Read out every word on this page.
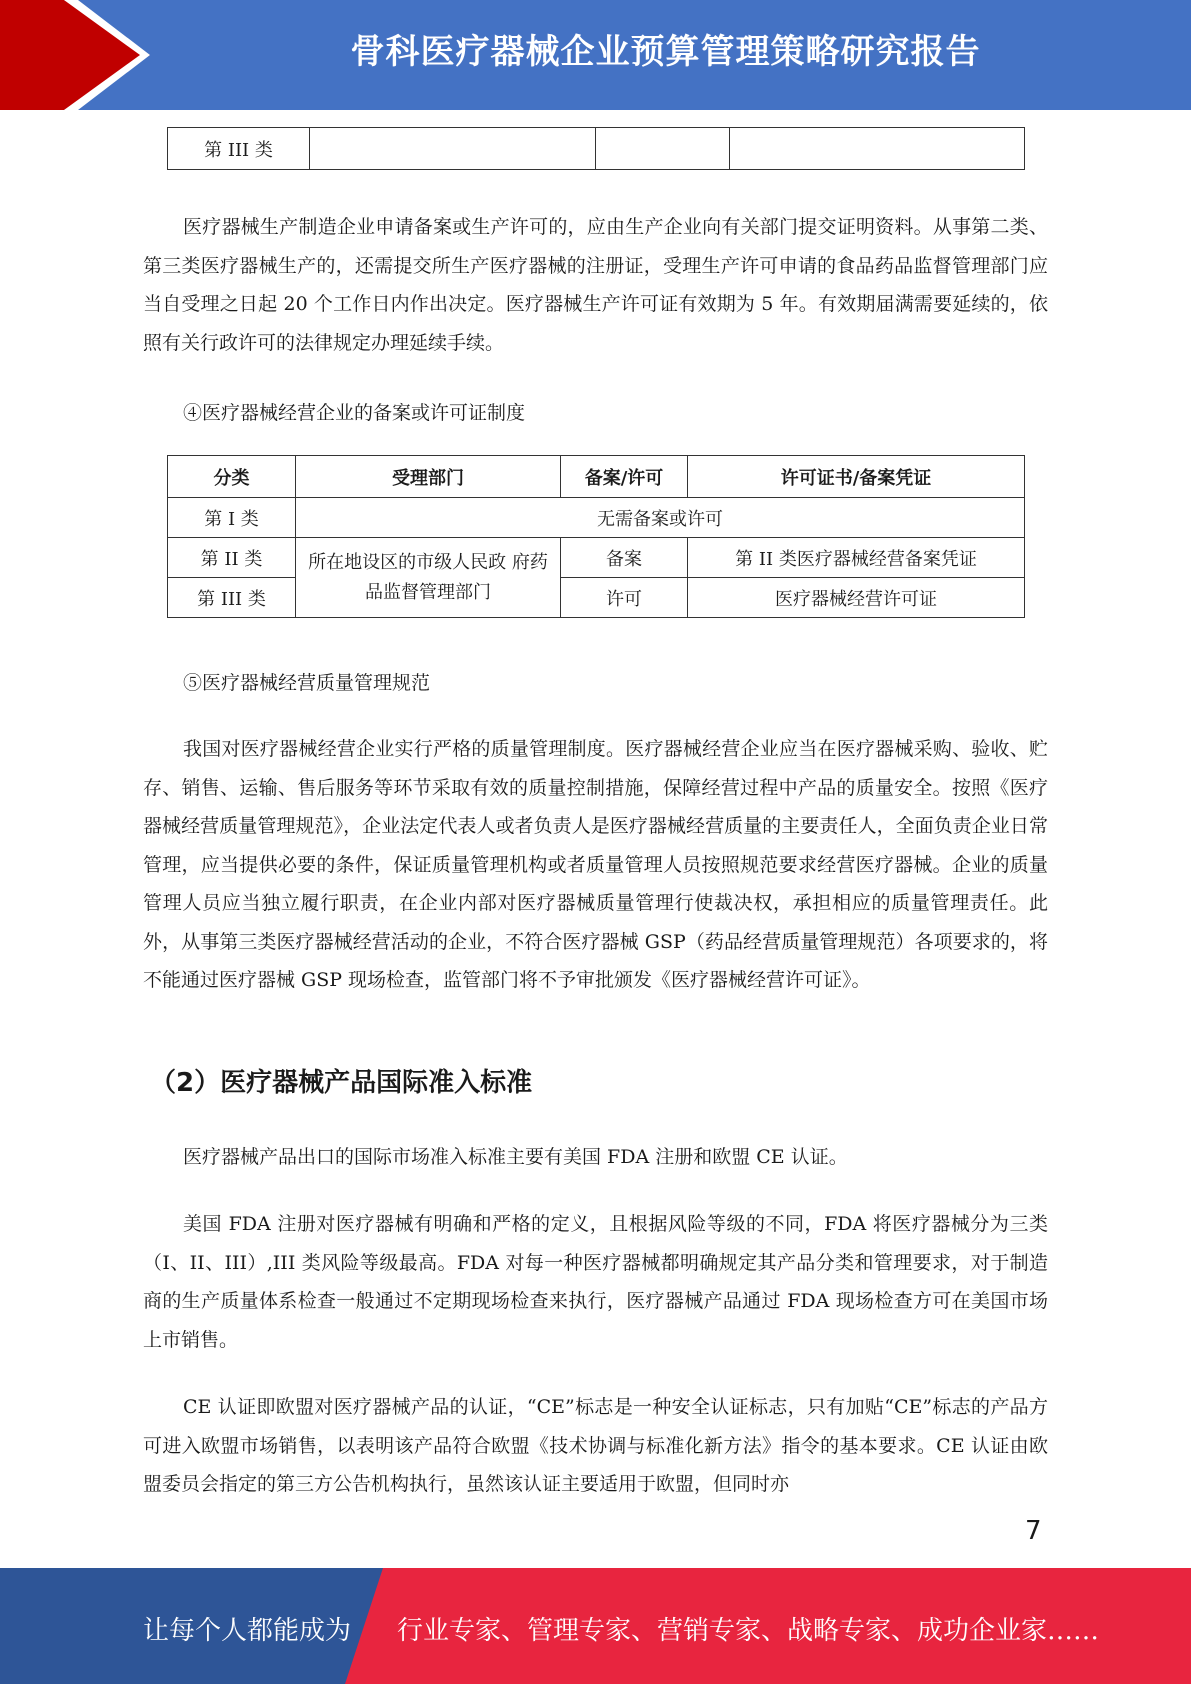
骨科医疗器械企业预算管理策略研究报告
第 III 类			
医疗器械生产制造企业申请备案或生产许可的，应由生产企业向有关部门提交证明资料。从事第二类、第三类医疗器械生产的，还需提交所生产医疗器械的注册证，受理生产许可申请的食品药品监督管理部门应当自受理之日起 20 个工作日内作出决定。医疗器械生产许可证有效期为 5 年。有效期届满需要延续的，依照有关行政许可的法律规定办理延续手续。
④医疗器械经营企业的备案或许可证制度
分类	受理部门	备案/许可	许可证书/备案凭证
第 I 类	无需备案或许可		
第 II 类	所在地设区的市级人民政 府药品监督管理部门	备案	第 II 类医疗器械经营备案凭证
第 III 类		许可	医疗器械经营许可证
⑤医疗器械经营质量管理规范
我国对医疗器械经营企业实行严格的质量管理制度。医疗器械经营企业应当在医疗器械采购、验收、贮存、销售、运输、售后服务等环节采取有效的质量控制措施，保障经营过程中产品的质量安全。按照《医疗器械经营质量管理规范》，企业法定代表人或者负责人是医疗器械经营质量的主要责任人，全面负责企业日常管理，应当提供必要的条件，保证质量管理机构或者质量管理人员按照规范要求经营医疗器械。企业的质量管理人员应当独立履行职责，在企业内部对医疗器械质量管理行使裁决权，承担相应的质量管理责任。此外，从事第三类医疗器械经营活动的企业，不符合医疗器械 GSP（药品经营质量管理规范）各项要求的，将不能通过医疗器械 GSP 现场检查，监管部门将不予审批颁发《医疗器械经营许可证》。
（2）医疗器械产品国际准入标准
医疗器械产品出口的国际市场准入标准主要有美国 FDA 注册和欧盟 CE 认证。
美国 FDA 注册对医疗器械有明确和严格的定义，且根据风险等级的不同，FDA 将医疗器械分为三类（I、II、III）,III 类风险等级最高。FDA 对每一种医疗器械都明确规定其产品分类和管理要求，对于制造商的生产质量体系检查一般通过不定期现场检查来执行，医疗器械产品通过 FDA 现场检查方可在美国市场上市销售。
CE 认证即欧盟对医疗器械产品的认证，“CE”标志是一种安全认证标志，只有加贴“CE”标志的产品方可进入欧盟市场销售，以表明该产品符合欧盟《技术协调与标准化新方法》指令的基本要求。CE 认证由欧盟委员会指定的第三方公告机构执行，虽然该认证主要适用于欧盟，但同时亦
7
让每个人都能成为 行业专家、管理专家、营销专家、战略专家、成功企业家……
